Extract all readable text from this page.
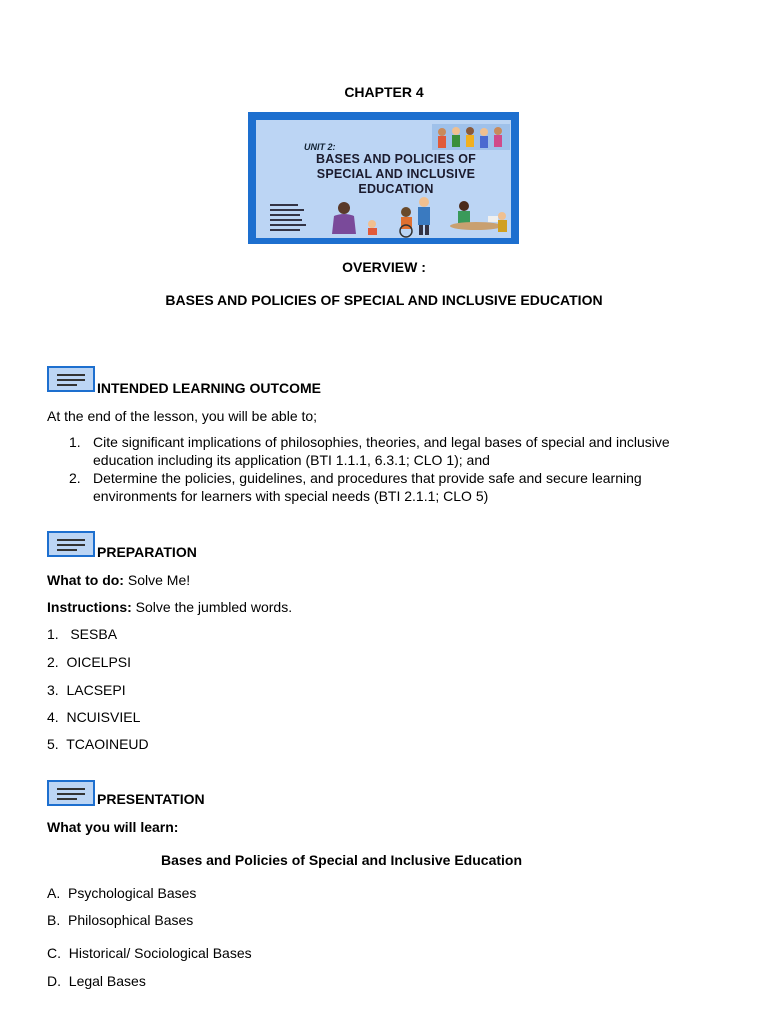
CHAPTER 4
UNIT 2:
BASES AND POLICIES OF
SPECIAL AND INCLUSIVE
EDUCATION
OVERVIEW :
BASES AND POLICIES OF SPECIAL AND INCLUSIVE EDUCATION
INTENDED LEARNING OUTCOME
At the end of the lesson, you will be able to;
1. Cite significant implications of philosophies, theories, and legal bases of special and inclusive
education including its application (BTI 1.1.1, 6.3.1; CLO 1); and
2. Determine the policies, guidelines, and procedures that provide safe and secure learning
environments for learners with special needs (BTI 2.1.1; CLO 5)
PREPARATION
What to do: Solve Me!
Instructions: Solve the jumbled words.
1.   SESBA
2.  OICELPSI
3.  LACSEPI
4.  NCUISVIEL
5.  TCAOINEUD
PRESENTATION
What you will learn:
Bases and Policies of Special and Inclusive Education
A.  Psychological Bases
B.  Philosophical Bases
C.  Historical/ Sociological Bases
D.  Legal Bases
